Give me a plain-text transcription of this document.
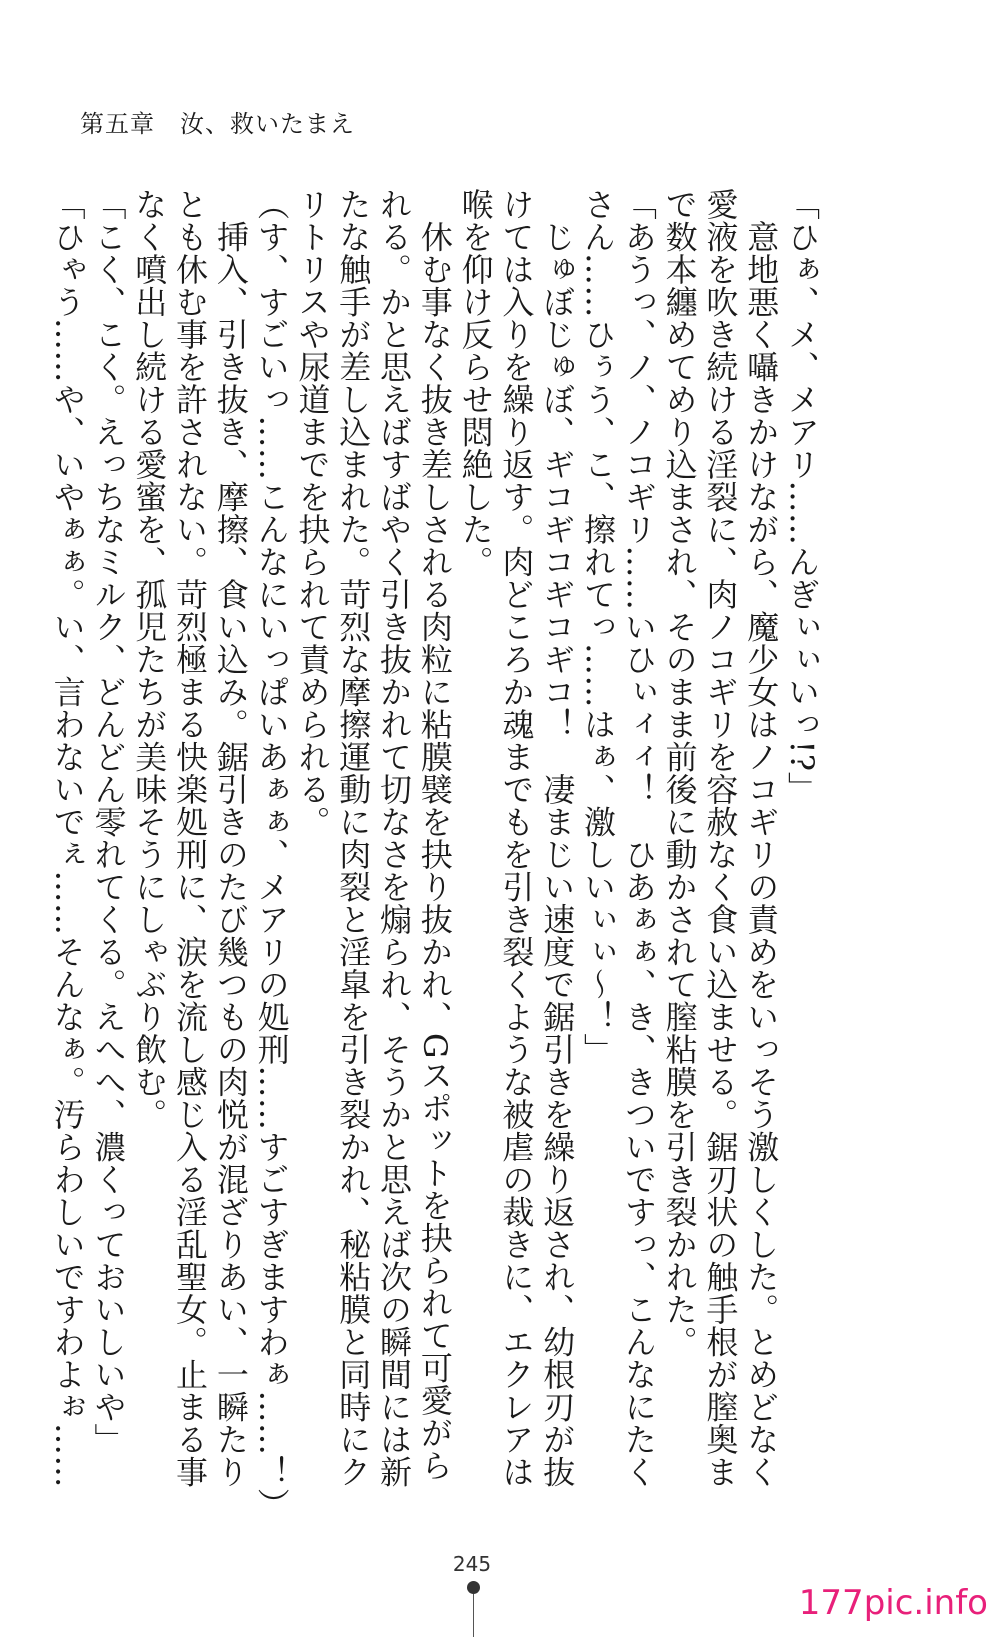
第五章　汝、救いたまえ
「ひぁ、メ、メアリ……んぎぃぃいっ!?」
　意地悪く囁きかけながら、魔少女はノコギリの責めをいっそう激しくした。とめどなく
愛液を吹き続ける淫裂に、肉ノコギリを容赦なく食い込ませる。鋸刃状の触手根が膣奥ま
で数本纏めてめり込まされ、そのまま前後に動かされて膣粘膜を引き裂かれた。
「あうっ、ノ、ノコギリ……いひぃィィ！　ひあぁぁ、き、きついですっ、こんなにたく
さん……ひぅう、こ、擦れてっ……はぁ、激しいぃぃ〜！」
　じゅぼじゅぼ、ギコギコギコギコ！　凄まじい速度で鋸引きを繰り返され、幼根刃が抜
けては入りを繰り返す。肉どころか魂までもを引き裂くような被虐の裁きに、エクレアは
喉を仰け反らせ悶絶した。
　休む事なく抜き差しされる肉粒に粘膜襞を抉り抜かれ、Gスポットを抉られて可愛がら
れる。かと思えばすばやく引き抜かれて切なさを煽られ、そうかと思えば次の瞬間には新
たな触手が差し込まれた。苛烈な摩擦運動に肉裂と淫皐を引き裂かれ、秘粘膜と同時にク
リトリスや尿道までを抉られて責められる。
（す、すごいっ……こんなにいっぱいあぁぁ、メアリの処刑……すごすぎますわぁ……！）
　挿入、引き抜き、摩擦、食い込み。鋸引きのたび幾つもの肉悦が混ざりあい、一瞬たり
とも休む事を許されない。苛烈極まる快楽処刑に、涙を流し感じ入る淫乱聖女。止まる事
なく噴出し続ける愛蜜を、孤児たちが美味そうにしゃぶり飲む。
「こく、こく。えっちなミルク、どんどん零れてくる。えへへ、濃くっておいしいや」
「ひゃう……や、いやぁぁ。い、言わないでぇ……そんなぁ。汚らわしいですわよぉ……
245
177pic.info
